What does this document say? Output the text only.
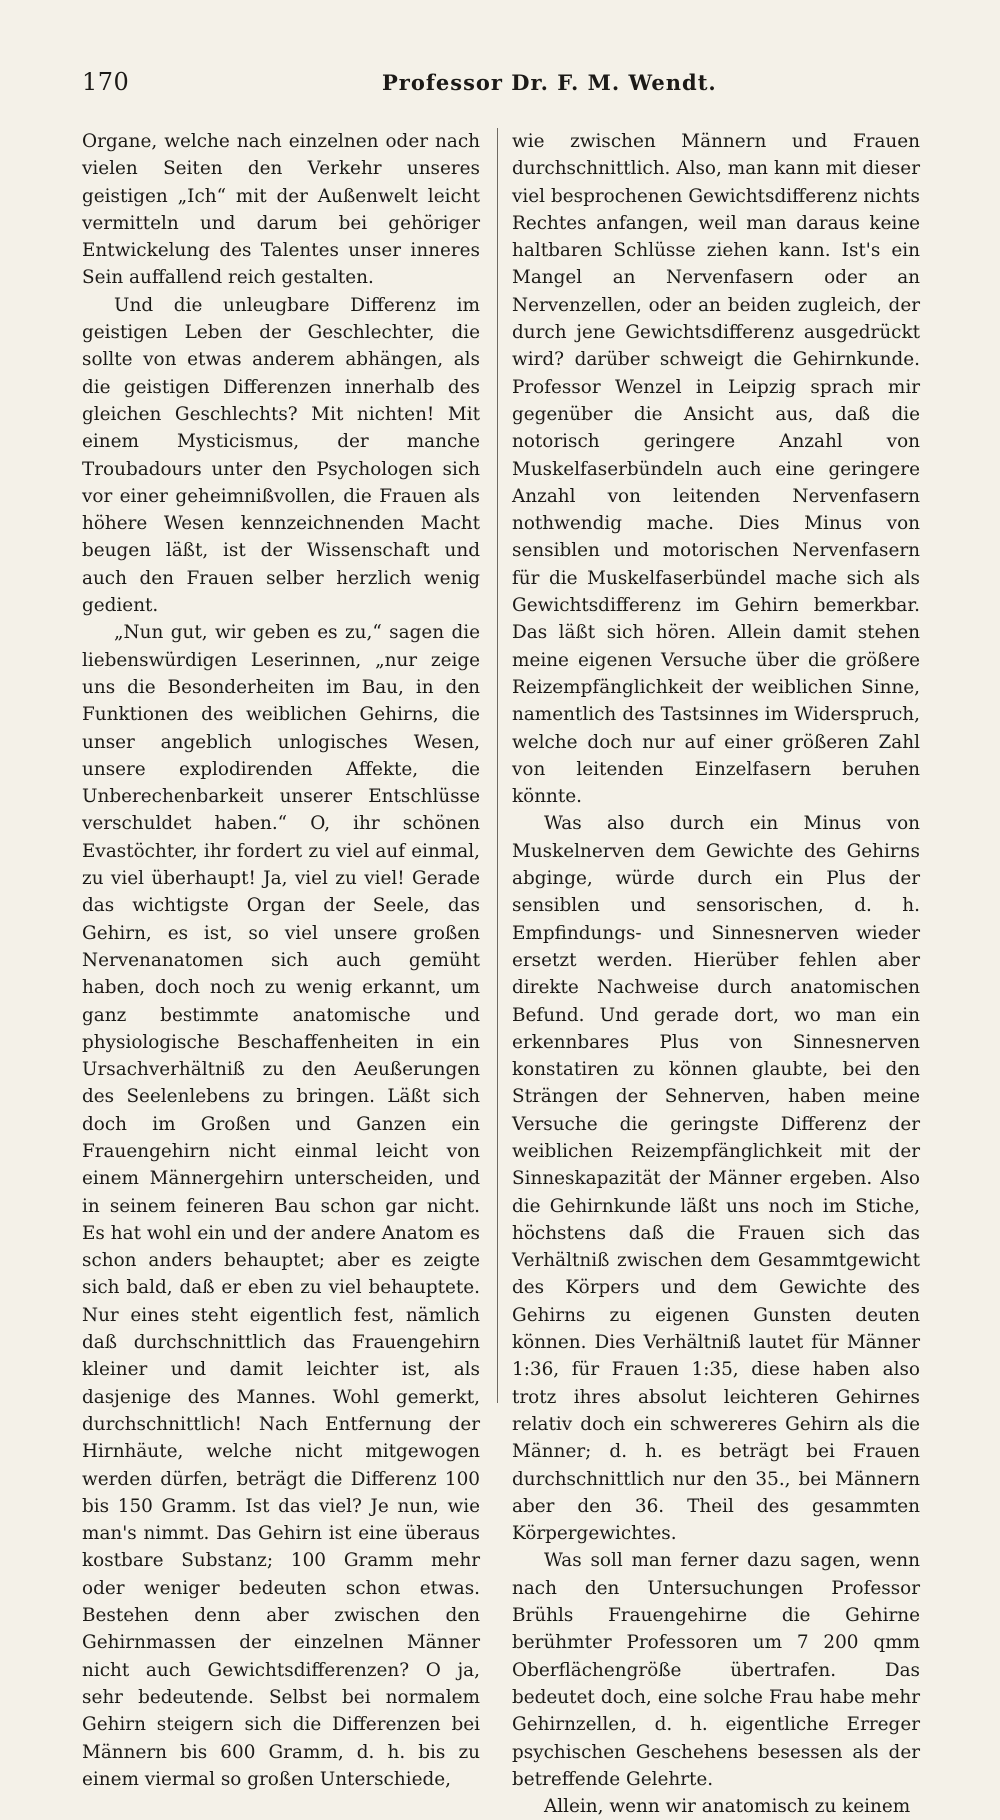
170	Professor Dr. F. M. Wendt.

Organe, welche nach einzelnen oder nach vielen Seiten den Verkehr unseres geistigen „Ich“ mit der Außenwelt leicht vermitteln und darum bei gehöriger Entwickelung des Talentes unser inneres Sein auffallend reich gestalten.

Und die unleugbare Differenz im geistigen Leben der Geschlechter, die sollte von etwas anderem abhängen, als die geistigen Differenzen innerhalb des gleichen Geschlechts? Mit nichten! Mit einem Mysticismus, der manche Troubadours unter den Psychologen sich vor einer geheimnißvollen, die Frauen als höhere Wesen kennzeichnenden Macht beugen läßt, ist der Wissenschaft und auch den Frauen selber herzlich wenig gedient.

„Nun gut, wir geben es zu,“ sagen die liebenswürdigen Leserinnen, „nur zeige uns die Besonderheiten im Bau, in den Funktionen des weiblichen Gehirns, die unser angeblich unlogisches Wesen, unsere explodirenden Affekte, die Unberechenbarkeit unserer Entschlüsse verschuldet haben.“ O, ihr schönen Evastöchter, ihr fordert zu viel auf einmal, zu viel überhaupt! Ja, viel zu viel! Gerade das wichtigste Organ der Seele, das Gehirn, es ist, so viel unsere großen Nervenanatomen sich auch gemüht haben, doch noch zu wenig erkannt, um ganz bestimmte anatomische und physiologische Beschaffenheiten in ein Ursachverhältniß zu den Aeußerungen des Seelenlebens zu bringen. Läßt sich doch im Großen und Ganzen ein Frauengehirn nicht einmal leicht von einem Männergehirn unterscheiden, und in seinem feineren Bau schon gar nicht. Es hat wohl ein und der andere Anatom es schon anders behauptet; aber es zeigte sich bald, daß er eben zu viel behauptete. Nur eines steht eigentlich fest, nämlich daß durchschnittlich das Frauengehirn kleiner und damit leichter ist, als dasjenige des Mannes. Wohl gemerkt, durchschnittlich! Nach Entfernung der Hirnhäute, welche nicht mitgewogen werden dürfen, beträgt die Differenz 100 bis 150 Gramm. Ist das viel? Je nun, wie man's nimmt. Das Gehirn ist eine überaus kostbare Substanz; 100 Gramm mehr oder weniger bedeuten schon etwas. Bestehen denn aber zwischen den Gehirnmassen der einzelnen Männer nicht auch Gewichtsdifferenzen? O ja, sehr bedeutende. Selbst bei normalem Gehirn steigern sich die Differenzen bei Männern bis 600 Gramm, d. h. bis zu einem viermal so großen Unterschiede,

wie zwischen Männern und Frauen durchschnittlich. Also, man kann mit dieser viel besprochenen Gewichtsdifferenz nichts Rechtes anfangen, weil man daraus keine haltbaren Schlüsse ziehen kann. Ist's ein Mangel an Nervenfasern oder an Nervenzellen, oder an beiden zugleich, der durch jene Gewichtsdifferenz ausgedrückt wird? darüber schweigt die Gehirnkunde. Professor Wenzel in Leipzig sprach mir gegenüber die Ansicht aus, daß die notorisch geringere Anzahl von Muskelfaserbündeln auch eine geringere Anzahl von leitenden Nervenfasern nothwendig mache. Dies Minus von sensiblen und motorischen Nervenfasern für die Muskelfaserbündel mache sich als Gewichtsdifferenz im Gehirn bemerkbar. Das läßt sich hören. Allein damit stehen meine eigenen Versuche über die größere Reizempfänglichkeit der weiblichen Sinne, namentlich des Tastsinnes im Widerspruch, welche doch nur auf einer größeren Zahl von leitenden Einzelfasern beruhen könnte.

Was also durch ein Minus von Muskelnerven dem Gewichte des Gehirns abginge, würde durch ein Plus der sensiblen und sensorischen, d. h. Empfindungs- und Sinnesnerven wieder ersetzt werden. Hierüber fehlen aber direkte Nachweise durch anatomischen Befund. Und gerade dort, wo man ein erkennbares Plus von Sinnesnerven konstatiren zu können glaubte, bei den Strängen der Sehnerven, haben meine Versuche die geringste Differenz der weiblichen Reizempfänglichkeit mit der Sinneskapazität der Männer ergeben. Also die Gehirnkunde läßt uns noch im Stiche, höchstens daß die Frauen sich das Verhältniß zwischen dem Gesammtgewicht des Körpers und dem Gewichte des Gehirns zu eigenen Gunsten deuten können. Dies Verhältniß lautet für Männer 1:36, für Frauen 1:35, diese haben also trotz ihres absolut leichteren Gehirnes relativ doch ein schwereres Gehirn als die Männer; d. h. es beträgt bei Frauen durchschnittlich nur den 35., bei Männern aber den 36. Theil des gesammten Körpergewichtes.

Was soll man ferner dazu sagen, wenn nach den Untersuchungen Professor Brühls Frauengehirne die Gehirne berühmter Professoren um 7 200 qmm Oberflächengröße übertrafen. Das bedeutet doch, eine solche Frau habe mehr Gehirnzellen, d. h. eigentliche Erreger psychischen Geschehens besessen als der betreffende Gelehrte.

Allein, wenn wir anatomisch zu keinem
